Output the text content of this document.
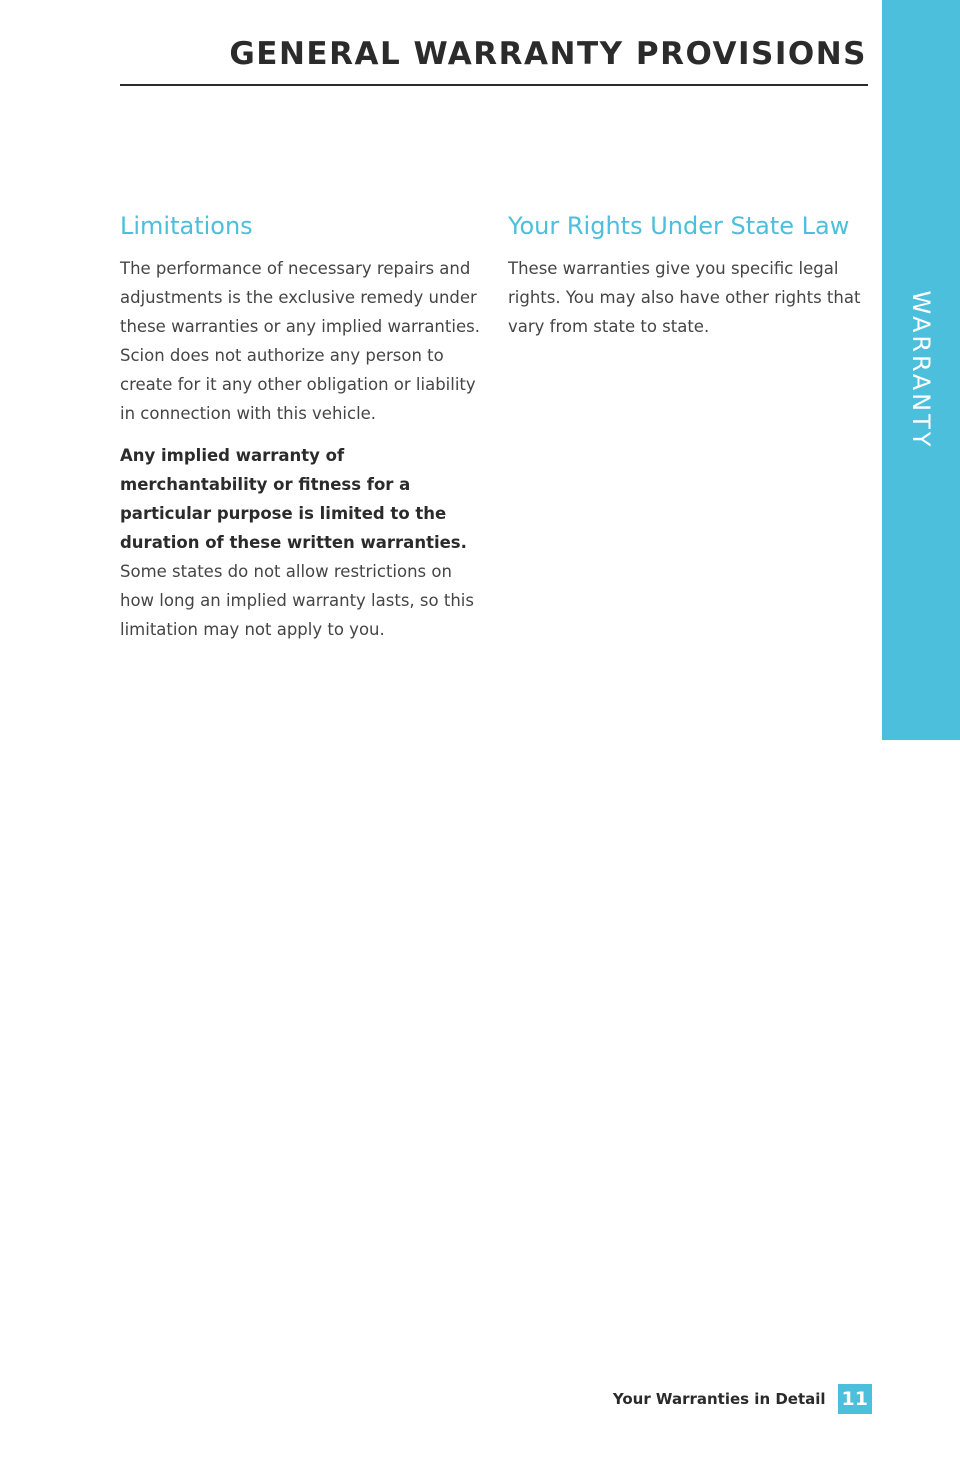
WARRANTY
GENERAL WARRANTY PROVISIONS
Limitations

The performance of necessary repairs and adjustments is the exclusive remedy under these warranties or any implied warranties. Scion does not authorize any person to create for it any other obligation or liability in connection with this vehicle.

Any implied warranty of merchantability or fitness for a particular purpose is limited to the duration of these written warranties.
Some states do not allow restrictions on how long an implied warranty lasts, so this limitation may not apply to you.

Your Rights Under State Law

These warranties give you specific legal rights. You may also have other rights that vary from state to state.

Your Warranties in Detail 11
